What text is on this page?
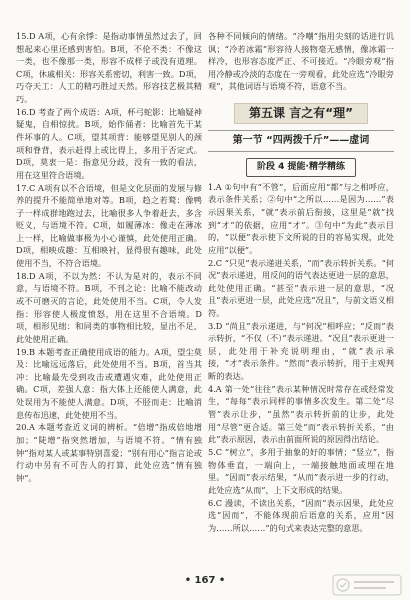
15.D A项，心有余悸：是指动事情虽然过去了，回想起来心里还感到害怕。B项，不伦不类：不像这一类，也不像那一类，形容不成样子或没有道理。C项，休戚相关：形容关系密切，利害一致。D项，巧夺天工：人工的精巧胜过天然。形容技艺极其精巧。

16.D 考查了两个成语：A项，杯弓蛇影：比喻疑神疑鬼，自相惊扰。B项，始作俑者：比喻首先干某件坏事的人。C项，望其项背：能够望见别人的颈项和脊背，表示赶得上或比得上，多用于否定式。D项，莫衷一是：指意见分歧，没有一致的看法，用在这里符合语境。

17.C A项有以不合语境，但是文化层面的发展与修养的提升不能简单地对等。B项，趋之若鹜：像鸭子一样成群地跑过去，比喻很多人争着赶去，多含贬义，与语境不符。C项，如履薄冰：像走在薄冰上一样，比喻做事极为小心谨慎，此处使用正确。D项，相映成趣：互相映衬，显得很有趣味，此处使用不当，不符合语境。

18.D A项，不以为然：不认为是对的，表示不同意，与语境不符。B项，不刊之论：比喻不能改动或不可磨灭的言论，此处使用不当。C项，令人发指：形容使人极度愤怒，用在这里不合语境。D项，相形见绌：和同类的事物相比较，显出不足，此处使用正确。

19.B 本题考查正确使用成语的能力。A项，望尘莫及：比喻远远落后，此处使用不当。B项，首当其冲：比喻最先受到攻击或遭遇灾难，此处使用正确。C项，差强人意：指大体上还能使人满意，此处误用为不能使人满意。D项，不胫而走：比喻消息传布迅速，此处使用不当。

20.A 本题考查近义词的辨析。“倍增”指成倍地增加；“陡增”指突然增加，与语境不符。“情有独钟”指对某人或某事特别喜爱；“别有用心”指言论或行动中另有不可告人的打算，此处应选“情有独钟”。

各种不同倾向的情绪。“冷嘲”指用尖刻的话进行讥讽；“冷若冰霜”形容待人接物毫无感情，像冰霜一样冷，也形容态度严正、不可接近。“冷眼旁观”指用冷静或冷淡的态度在一旁观看，此处应选“冷眼旁观”，其他词语与语境不符，语意不当。

第五课 言之有“理”
第一节 “四两拨千斤”——虚词
阶段 4 提能·精学精练

1.A ①句中有“不管”，后面应用“都”与之相呼应，表示条件关系；②句中“之所以……是因为……”表示因果关系，“就”表示前后衔接，这里是“就”找到“才”的依据，应用“才”。③句中“为此”表示目的，“以便”表示使下文所说的目的容易实现，此处应用“以便”。

2.C “只见”表示递进关系，“而”表示转折关系。“何况”表示递进，用反问的语气表达更进一层的意思，此处使用正确。“甚至”表示进一层的意思，“况且”表示更进一层，此处应选“况且”，与前文语义相符。

3.D “尚且”表示递进，与“何况”相呼应；“反而”表示转折，“不仅（不）”表示递进。“况且”表示更进一层，此处用于补充说明理由，“就”表示承接，“才”表示条件。“然而”表示转折，用于主观判断的表达。

4.A 第一处“往往”表示某种情况时常存在或经常发生，“每每”表示同样的事情多次发生。第二处“尽管”表示让步，“虽然”表示转折前的让步，此处用“尽管”更合适。第三处“而”表示转折关系，“由此”表示原因，表示由前面所说的原因得出结论。

5.C “树立”，多用于抽象的好的事情；“竖立”，指物体垂直，一端向上，一端接触地面或埋在地里。“因而”表示结果，“从而”表示进一步的行动，此处应选“从而”，上下文形成的结果。

6.C 漫读，不读出关系，“因而”表示因果，此处应选“因而”，不能体现前后语意的关系，应用“因为……所以……”的句式来表达完整的意思。

• 167 •
